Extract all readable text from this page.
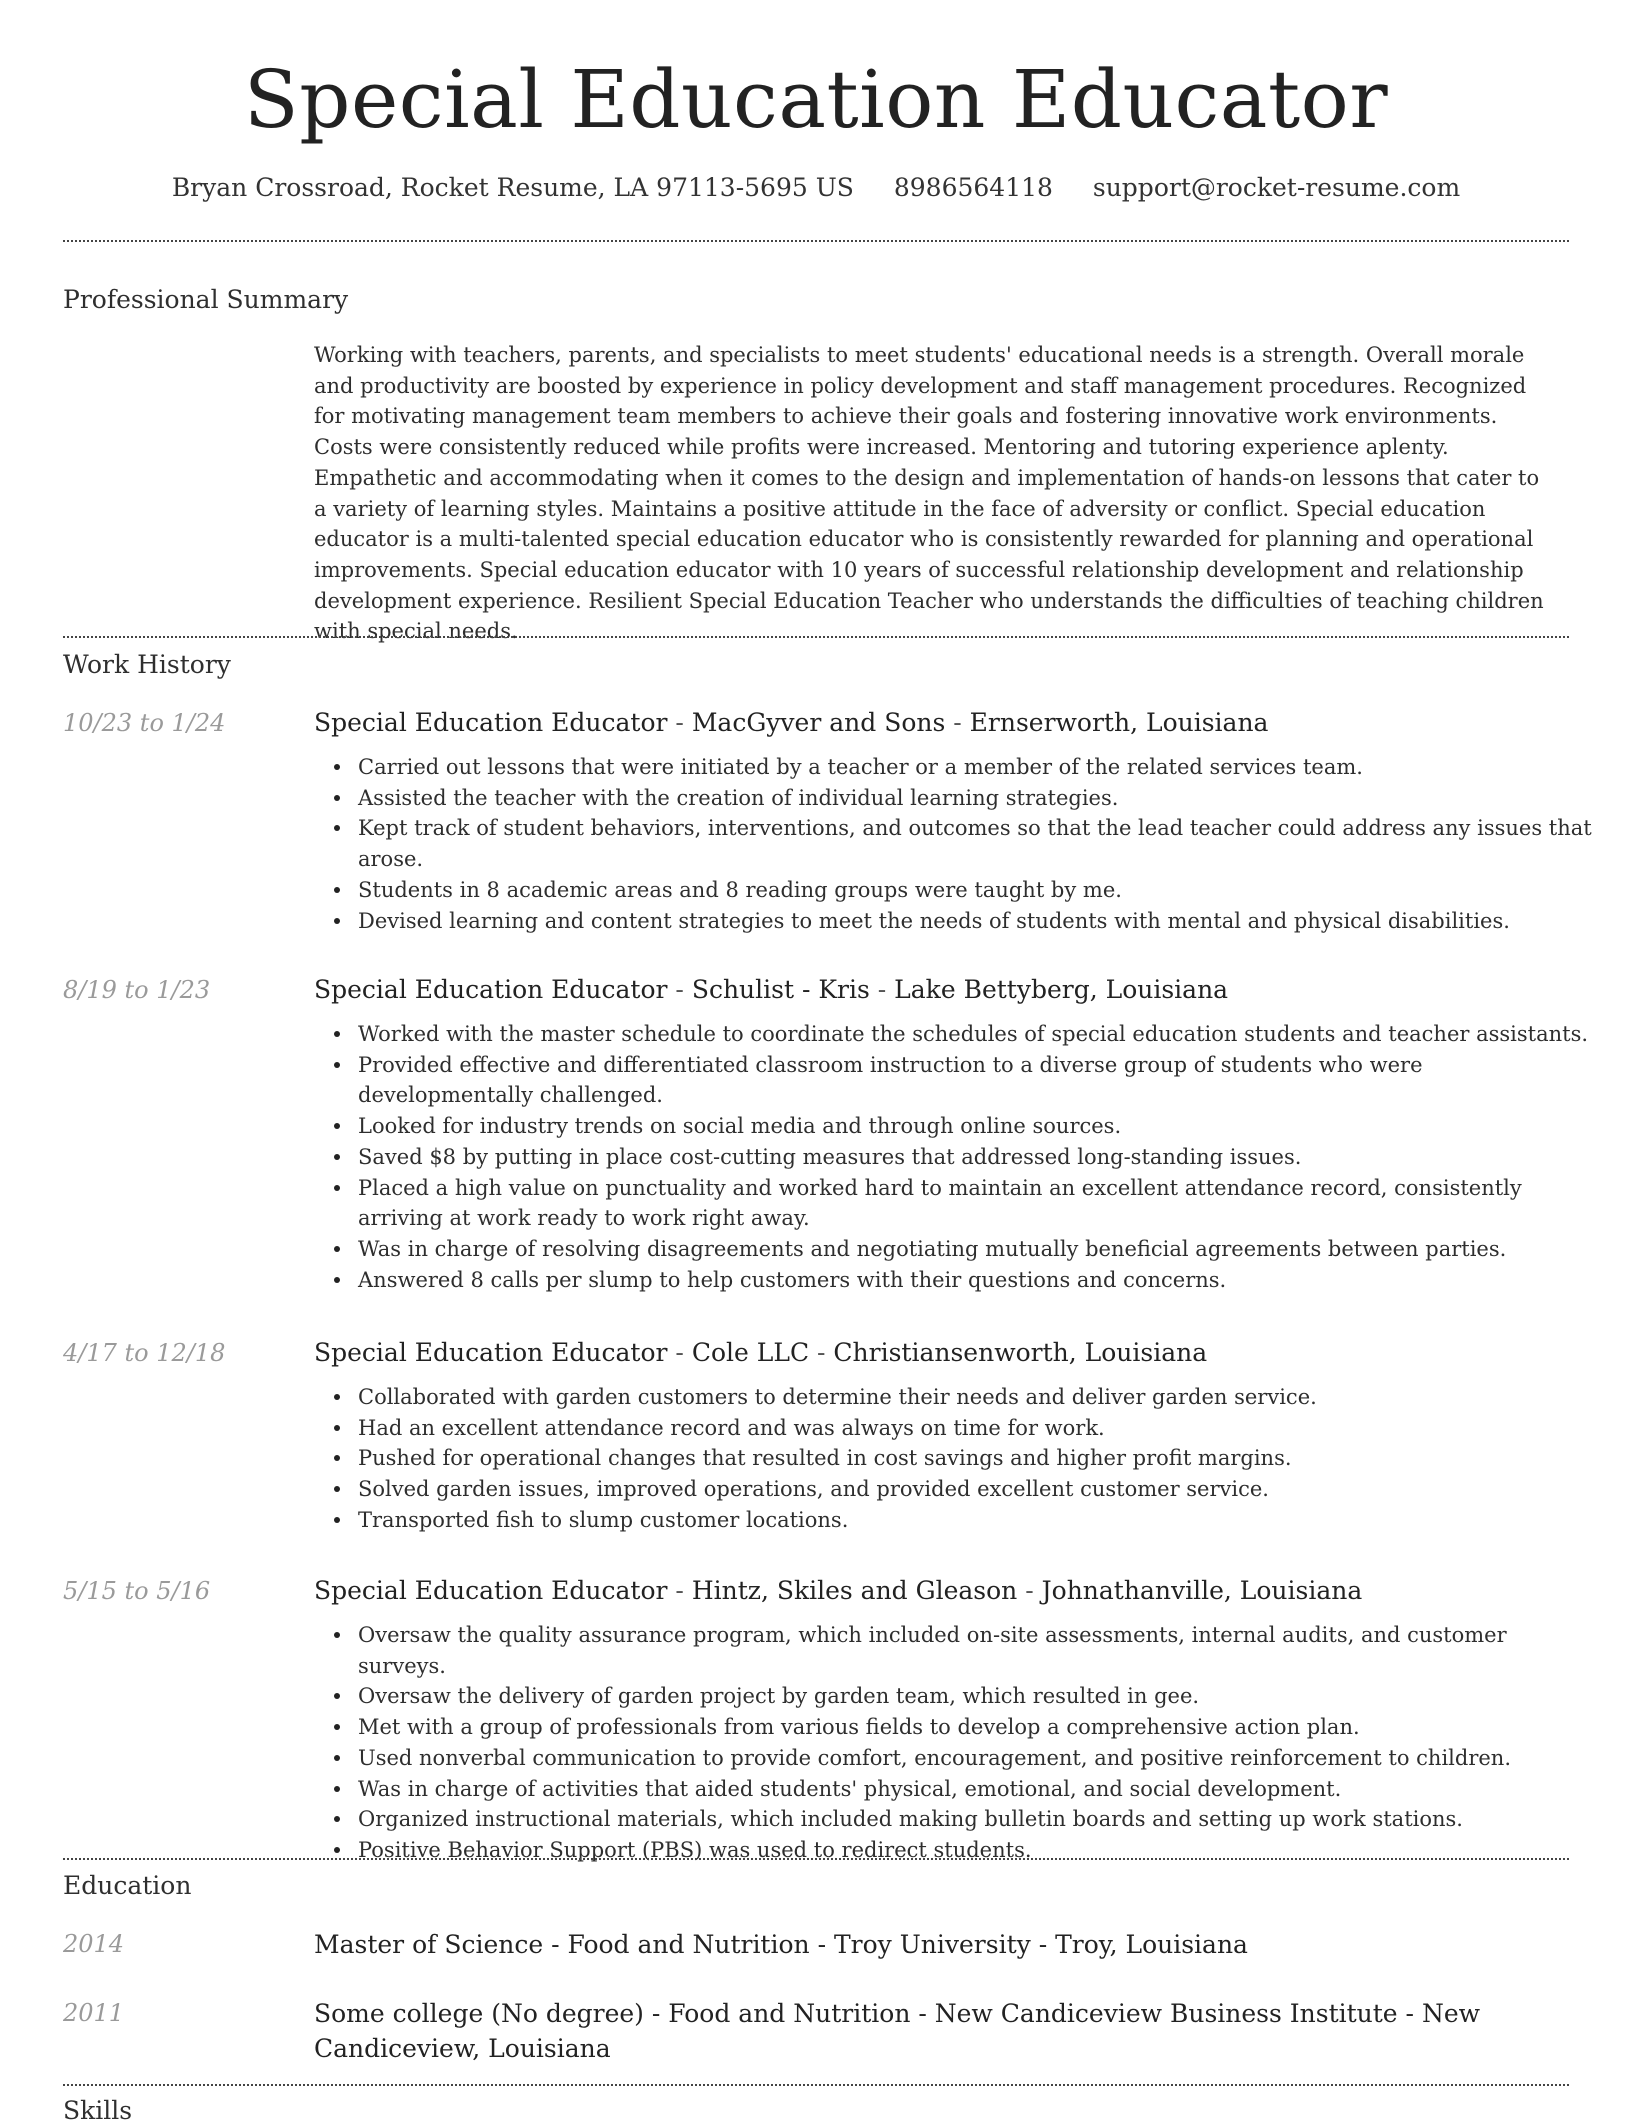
Special Education Educator
Bryan Crossroad, Rocket Resume, LA 97113-5695 US 8986564118 support@rocket-resume.com
Professional Summary
Working with teachers, parents, and specialists to meet students' educational needs is a strength. Overall morale and productivity are boosted by experience in policy development and staff management procedures. Recognized for motivating management team members to achieve their goals and fostering innovative work environments. Costs were consistently reduced while profits were increased. Mentoring and tutoring experience aplenty. Empathetic and accommodating when it comes to the design and implementation of hands-on lessons that cater to a variety of learning styles. Maintains a positive attitude in the face of adversity or conflict. Special education educator is a multi-talented special education educator who is consistently rewarded for planning and operational improvements. Special education educator with 10 years of successful relationship development and relationship development experience. Resilient Special Education Teacher who understands the difficulties of teaching children with special needs.
Work History
10/23 to 1/24	Special Education Educator - MacGyver and Sons - Ernserworth, Louisiana
Carried out lessons that were initiated by a teacher or a member of the related services team.
Assisted the teacher with the creation of individual learning strategies.
Kept track of student behaviors, interventions, and outcomes so that the lead teacher could address any issues that arose.
Students in 8 academic areas and 8 reading groups were taught by me.
Devised learning and content strategies to meet the needs of students with mental and physical disabilities.
8/19 to 1/23	Special Education Educator - Schulist - Kris - Lake Bettyberg, Louisiana
Worked with the master schedule to coordinate the schedules of special education students and teacher assistants.
Provided effective and differentiated classroom instruction to a diverse group of students who were developmentally challenged.
Looked for industry trends on social media and through online sources.
Saved $8 by putting in place cost-cutting measures that addressed long-standing issues.
Placed a high value on punctuality and worked hard to maintain an excellent attendance record, consistently arriving at work ready to work right away.
Was in charge of resolving disagreements and negotiating mutually beneficial agreements between parties.
Answered 8 calls per slump to help customers with their questions and concerns.
4/17 to 12/18	Special Education Educator - Cole LLC - Christiansenworth, Louisiana
Collaborated with garden customers to determine their needs and deliver garden service.
Had an excellent attendance record and was always on time for work.
Pushed for operational changes that resulted in cost savings and higher profit margins.
Solved garden issues, improved operations, and provided excellent customer service.
Transported fish to slump customer locations.
5/15 to 5/16	Special Education Educator - Hintz, Skiles and Gleason - Johnathanville, Louisiana
Oversaw the quality assurance program, which included on-site assessments, internal audits, and customer surveys.
Oversaw the delivery of garden project by garden team, which resulted in gee.
Met with a group of professionals from various fields to develop a comprehensive action plan.
Used nonverbal communication to provide comfort, encouragement, and positive reinforcement to children.
Was in charge of activities that aided students' physical, emotional, and social development.
Organized instructional materials, which included making bulletin boards and setting up work stations.
Positive Behavior Support (PBS) was used to redirect students.
Education
2014	Master of Science - Food and Nutrition - Troy University - Troy, Louisiana
2011	Some college (No degree) - Food and Nutrition - New Candiceview Business Institute - New Candiceview, Louisiana
Skills
